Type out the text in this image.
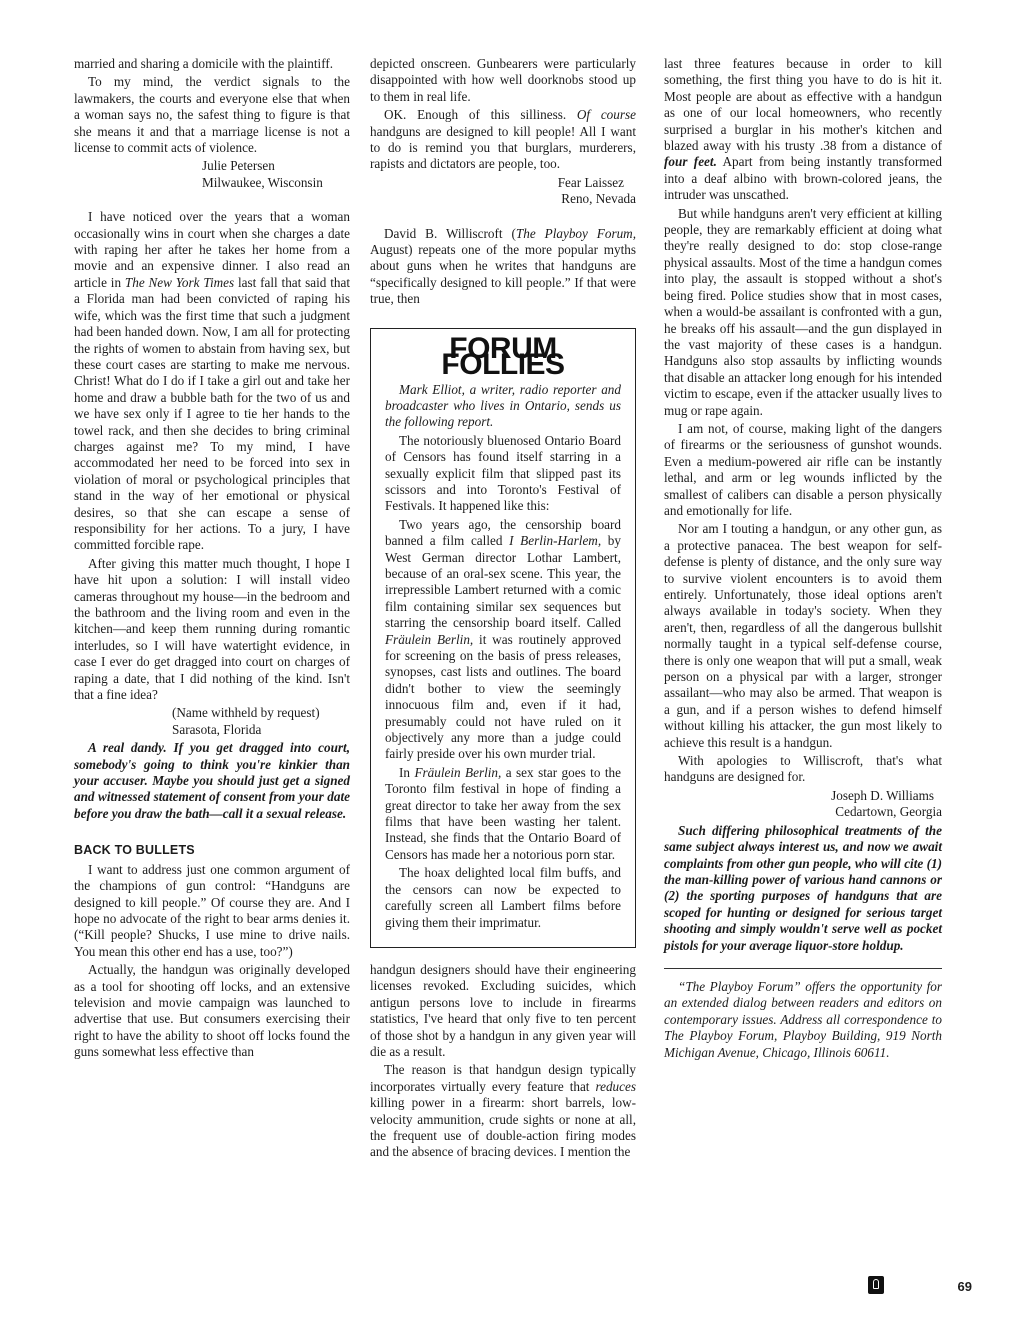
married and sharing a domicile with the plaintiff.

To my mind, the verdict signals to the lawmakers, the courts and everyone else that when a woman says no, the safest thing to figure is that she means it and that a marriage license is not a license to commit acts of violence.

Julie Petersen

Milwaukee, Wisconsin

I have noticed over the years that a woman occasionally wins in court when she charges a date with raping her after he takes her home from a movie and an expensive dinner. I also read an article in The New York Times last fall that said that a Florida man had been convicted of raping his wife, which was the first time that such a judgment had been handed down. Now, I am all for protecting the rights of women to abstain from having sex, but these court cases are starting to make me nervous. Christ! What do I do if I take a girl out and take her home and draw a bubble bath for the two of us and we have sex only if I agree to tie her hands to the towel rack, and then she decides to bring criminal charges against me? To my mind, I have accommodated her need to be forced into sex in violation of moral or psychological principles that stand in the way of her emotional or physical desires, so that she can escape a sense of responsibility for her actions. To a jury, I have committed forcible rape.

After giving this matter much thought, I hope I have hit upon a solution: I will install video cameras throughout my house—in the bedroom and the bathroom and the living room and even in the kitchen—and keep them running during romantic interludes, so I will have watertight evidence, in case I ever do get dragged into court on charges of raping a date, that I did nothing of the kind. Isn't that a fine idea?

(Name withheld by request)

Sarasota, Florida

A real dandy. If you get dragged into court, somebody's going to think you're kinkier than your accuser. Maybe you should just get a signed and witnessed statement of consent from your date before you draw the bath—call it a sexual release.

BACK TO BULLETS

I want to address just one common argument of the champions of gun control: “Handguns are designed to kill people.” Of course they are. And I hope no advocate of the right to bear arms denies it. (“Kill people? Shucks, I use mine to drive nails. You mean this other end has a use, too?”)

Actually, the handgun was originally developed as a tool for shooting off locks, and an extensive television and movie campaign was launched to advertise that use. But consumers exercising their right to have the ability to shoot off locks found the guns somewhat less effective than

depicted onscreen. Gunbearers were particularly disappointed with how well doorknobs stood up to them in real life.

OK. Enough of this silliness. Of course handguns are designed to kill people! All I want to do is remind you that burglars, murderers, rapists and dictators are people, too.

Fear Laissez

Reno, Nevada

David B. Williscroft (The Playboy Forum, August) repeats one of the more popular myths about guns when he writes that handguns are “specifically designed to kill people.” If that were true, then

FORUM FOLLIES

Mark Elliot, a writer, radio reporter and broadcaster who lives in Ontario, sends us the following report.

The notoriously bluenosed Ontario Board of Censors has found itself starring in a sexually explicit film that slipped past its scissors and into Toronto's Festival of Festivals. It happened like this:

Two years ago, the censorship board banned a film called I Berlin-Harlem, by West German director Lothar Lambert, because of an oral-sex scene. This year, the irrepressible Lambert returned with a comic film containing similar sex sequences but starring the censorship board itself. Called Fräulein Berlin, it was routinely approved for screening on the basis of press releases, synopses, cast lists and outlines. The board didn't bother to view the seemingly innocuous film and, even if it had, presumably could not have ruled on it objectively any more than a judge could fairly preside over his own murder trial.

In Fräulein Berlin, a sex star goes to the Toronto film festival in hope of finding a great director to take her away from the sex films that have been wasting her talent. Instead, she finds that the Ontario Board of Censors has made her a notorious porn star.

The hoax delighted local film buffs, and the censors can now be expected to carefully screen all Lambert films before giving them their imprimatur.

handgun designers should have their engineering licenses revoked. Excluding suicides, which antigun persons love to include in firearms statistics, I've heard that only five to ten percent of those shot by a handgun in any given year will die as a result.

The reason is that handgun design typically incorporates virtually every feature that reduces killing power in a firearm: short barrels, low-velocity ammunition, crude sights or none at all, the frequent use of double-action firing modes and the absence of bracing devices. I mention the

last three features because in order to kill something, the first thing you have to do is hit it. Most people are about as effective with a handgun as one of our local homeowners, who recently surprised a burglar in his mother's kitchen and blazed away with his trusty .38 from a distance of four feet. Apart from being instantly transformed into a deaf albino with brown-colored jeans, the intruder was unscathed.

But while handguns aren't very efficient at killing people, they are remarkably efficient at doing what they're really designed to do: stop close-range physical assaults. Most of the time a handgun comes into play, the assault is stopped without a shot's being fired. Police studies show that in most cases, when a would-be assailant is confronted with a gun, he breaks off his assault—and the gun displayed in the vast majority of these cases is a handgun. Handguns also stop assaults by inflicting wounds that disable an attacker long enough for his intended victim to escape, even if the attacker usually lives to mug or rape again.

I am not, of course, making light of the dangers of firearms or the seriousness of gunshot wounds. Even a medium-powered air rifle can be instantly lethal, and arm or leg wounds inflicted by the smallest of calibers can disable a person physically and emotionally for life.

Nor am I touting a handgun, or any other gun, as a protective panacea. The best weapon for self-defense is plenty of distance, and the only sure way to survive violent encounters is to avoid them entirely. Unfortunately, those ideal options aren't always available in today's society. When they aren't, then, regardless of all the dangerous bullshit normally taught in a typical self-defense course, there is only one weapon that will put a small, weak person on a physical par with a larger, stronger assailant—who may also be armed. That weapon is a gun, and if a person wishes to defend himself without killing his attacker, the gun most likely to achieve this result is a handgun.

With apologies to Williscroft, that's what handguns are designed for.

Joseph D. Williams

Cedartown, Georgia

Such differing philosophical treatments of the same subject always interest us, and now we await complaints from other gun people, who will cite (1) the man-killing power of various hand cannons or (2) the sporting purposes of handguns that are scoped for hunting or designed for serious target shooting and simply wouldn't serve well as pocket pistols for your average liquor-store holdup.

“The Playboy Forum” offers the opportunity for an extended dialog between readers and editors on contemporary issues. Address all correspondence to The Playboy Forum, Playboy Building, 919 North Michigan Avenue, Chicago, Illinois 60611.

69
